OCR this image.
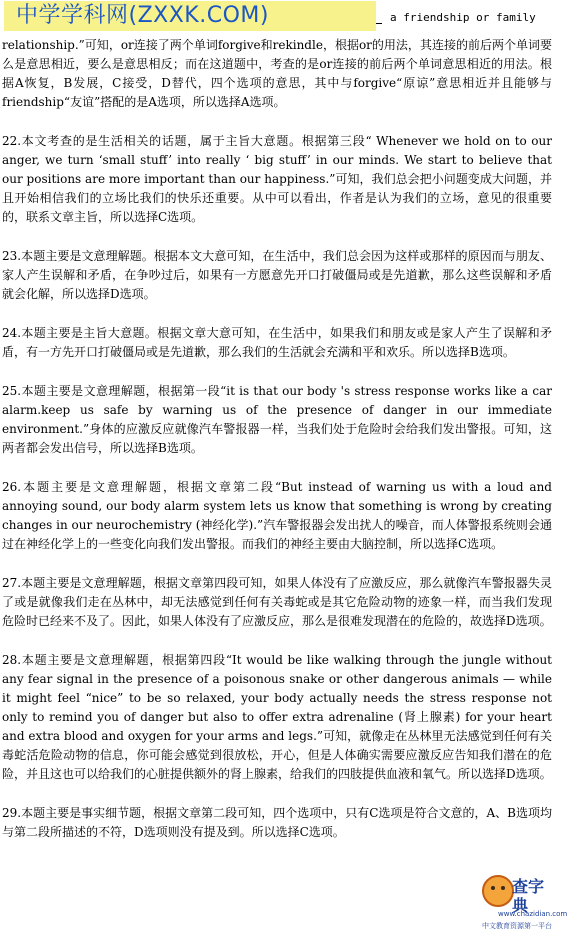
中学学科网(ZXXK.COM)	a friendship or family

relationship.”可知，or连接了两个单词forgive和rekindle，根据or的用法，其连接的前后两个单词要么是意思相近，要么是意思相反；而在这道题中，考查的是or连接的前后两个单词意思相近的用法。根据A恢复，B发展，C接受，D替代，四个选项的意思，其中与forgive“原谅”意思相近并且能够与friendship“友谊”搭配的是A选项，所以选择A选项。

22.本文考查的是生活相关的话题，属于主旨大意题。根据第三段“ Whenever we hold on to our anger, we turn ‘small stuff’ into really ‘ big stuff’ in our minds. We start to believe that our positions are more important than our happiness.”可知，我们总会把小问题变成大问题，并且开始相信我们的立场比我们的快乐还重要。从中可以看出，作者是认为我们的立场，意见的很重要的，联系文章主旨，所以选择C选项。

23.本题主要是文意理解题。根据本文大意可知，在生活中，我们总会因为这样或那样的原因而与朋友、家人产生误解和矛盾，在争吵过后，如果有一方愿意先开口打破僵局或是先道歉，那么这些误解和矛盾就会化解，所以选择D选项。

24.本题主要是主旨大意题。根据文章大意可知，在生活中，如果我们和朋友或是家人产生了误解和矛盾，有一方先开口打破僵局或是先道歉，那么我们的生活就会充满和平和欢乐。所以选择B选项。

25.本题主要是文意理解题，根据第一段“it is that our body 's stress response works like a car alarm.keep us safe by warning us of the presence of danger in our immediate environment.”身体的应激反应就像汽车警报器一样，当我们处于危险时会给我们发出警报。可知，这两者都会发出信号，所以选择B选项。

26.本题主要是文意理解题，根据文章第二段“But instead of warning us with a loud and annoying sound, our body alarm system lets us know that something is wrong by creating changes in our neurochemistry (神经化学).”汽车警报器会发出扰人的噪音，而人体警报系统则会通过在神经化学上的一些变化向我们发出警报。而我们的神经主要由大脑控制，所以选择C选项。

27.本题主要是文意理解题，根据文章第四段可知，如果人体没有了应激反应，那么就像汽车警报器失灵了或是就像我们走在丛林中，却无法感觉到任何有关毒蛇或是其它危险动物的迹象一样，而当我们发现危险时已经来不及了。因此，如果人体没有了应激反应，那么是很难发现潜在的危险的，故选择D选项。

28.本题主要是文意理解题，根据第四段“It would be like walking through the jungle without any fear signal in the presence of a poisonous snake or other dangerous animals — while it might feel “nice” to be so relaxed, your body actually needs the stress response not only to remind you of danger but also to offer extra adrenaline (肾上腺素) for your heart and extra blood and oxygen for your arms and legs.”可知，就像走在丛林里无法感觉到任何有关毒蛇活危险动物的信息，你可能会感觉到很放松，开心，但是人体确实需要应激反应告知我们潜在的危险，并且这也可以给我们的心脏提供额外的肾上腺素，给我们的四肢提供血液和氧气。所以选择D选项。

29.本题主要是事实细节题，根据文章第二段可知，四个选项中，只有C选项是符合文意的，A、B选项均与第二段所描述的不符，D选项则没有提及到。所以选择C选项。

查字典
www.chazidian.com
中文教育资源第一平台
